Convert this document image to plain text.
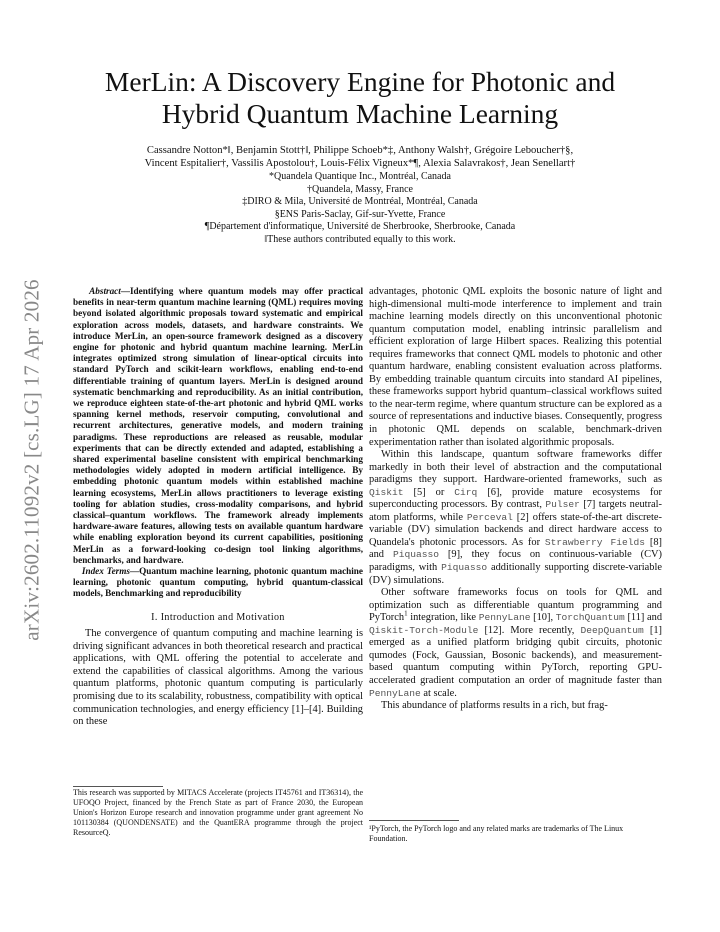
arXiv:2602.11092v2 [cs.LG] 17 Apr 2026
MerLin: A Discovery Engine for Photonic and
Hybrid Quantum Machine Learning
Cassandre Notton*‖, Benjamin Stott†‖, Philippe Schoeb*‡, Anthony Walsh†, Grégoire Leboucher†§,
Vincent Espitalier†, Vassilis Apostolou†, Louis-Félix Vigneux*¶, Alexia Salavrakos†, Jean Senellart†
*Quandela Quantique Inc., Montréal, Canada
†Quandela, Massy, France
‡DIRO & Mila, Université de Montréal, Montréal, Canada
§ENS Paris-Saclay, Gif-sur-Yvette, France
¶Département d'informatique, Université de Sherbrooke, Sherbrooke, Canada
‖These authors contributed equally to this work.
Abstract—Identifying where quantum models may offer practical benefits in near-term quantum machine learning (QML) requires moving beyond isolated algorithmic proposals toward systematic and empirical exploration across models, datasets, and hardware constraints. We introduce MerLin, an open-source framework designed as a discovery engine for photonic and hybrid quantum machine learning. MerLin integrates optimized strong simulation of linear-optical circuits into standard PyTorch and scikit-learn workflows, enabling end-to-end differentiable training of quantum layers. MerLin is designed around systematic benchmarking and reproducibility. As an initial contribution, we reproduce eighteen state-of-the-art photonic and hybrid QML works spanning kernel methods, reservoir computing, convolutional and recurrent architectures, generative models, and modern training paradigms. These reproductions are released as reusable, modular experiments that can be directly extended and adapted, establishing a shared experimental baseline consistent with empirical benchmarking methodologies widely adopted in modern artificial intelligence. By embedding photonic quantum models within established machine learning ecosystems, MerLin allows practitioners to leverage existing tooling for ablation studies, cross-modality comparisons, and hybrid classical–quantum workflows. The framework already implements hardware-aware features, allowing tests on available quantum hardware while enabling exploration beyond its current capabilities, positioning MerLin as a forward-looking co-design tool linking algorithms, benchmarks, and hardware.
Index Terms—Quantum machine learning, photonic quantum machine learning, photonic quantum computing, hybrid quantum-classical models, Benchmarking and reproducibility
I. Introduction and Motivation

The convergence of quantum computing and machine learning is driving significant advances in both theoretical research and practical applications, with QML offering the potential to accelerate and extend the capabilities of classical algorithms. Among the various quantum platforms, photonic quantum computing is particularly promising due to its scalability, robustness, compatibility with optical communication technologies, and energy efficiency [1]–[4]. Building on these

This research was supported by MITACS Accelerate (projects IT45761 and IT36314), the UFOQO Project, financed by the French State as part of France 2030, the European Union's Horizon Europe research and innovation programme under grant agreement No 101130384 (QUONDENSATE) and the QuantERA programme through the project ResourceQ.

advantages, photonic QML exploits the bosonic nature of light and high-dimensional multi-mode interference to implement and train machine learning models directly on this unconventional photonic quantum computation model, enabling intrinsic parallelism and efficient exploration of large Hilbert spaces. Realizing this potential requires frameworks that connect QML models to photonic and other quantum hardware, enabling consistent evaluation across platforms. By embedding trainable quantum circuits into standard AI pipelines, these frameworks support hybrid quantum–classical workflows suited to the near-term regime, where quantum structure can be explored as a source of representations and inductive biases. Consequently, progress in photonic QML depends on scalable, benchmark-driven experimentation rather than isolated algorithmic proposals.

Within this landscape, quantum software frameworks differ markedly in both their level of abstraction and the computational paradigms they support. Hardware-oriented frameworks, such as Qiskit [5] or Cirq [6], provide mature ecosystems for superconducting processors. By contrast, Pulser [7] targets neutral-atom platforms, while Perceval [2] offers state-of-the-art discrete-variable (DV) simulation backends and direct hardware access to Quandela's photonic processors. As for Strawberry Fields [8] and Piquasso [9], they focus on continuous-variable (CV) paradigms, with Piquasso additionally supporting discrete-variable (DV) simulations.

Other software frameworks focus on tools for QML and optimization such as differentiable quantum programming and PyTorch$^1$ integration, like PennyLane [10], TorchQuantum [11] and Qiskit-Torch-Module [12]. More recently, DeepQuantum [1] emerged as a unified platform bridging qubit circuits, photonic qumodes (Fock, Gaussian, Bosonic backends), and measurement-based quantum computing within PyTorch, reporting GPU-accelerated gradient computation an order of magnitude faster than PennyLane at scale.

This abundance of platforms results in a rich, but frag-

¹PyTorch, the PyTorch logo and any related marks are trademarks of The Linux Foundation.
